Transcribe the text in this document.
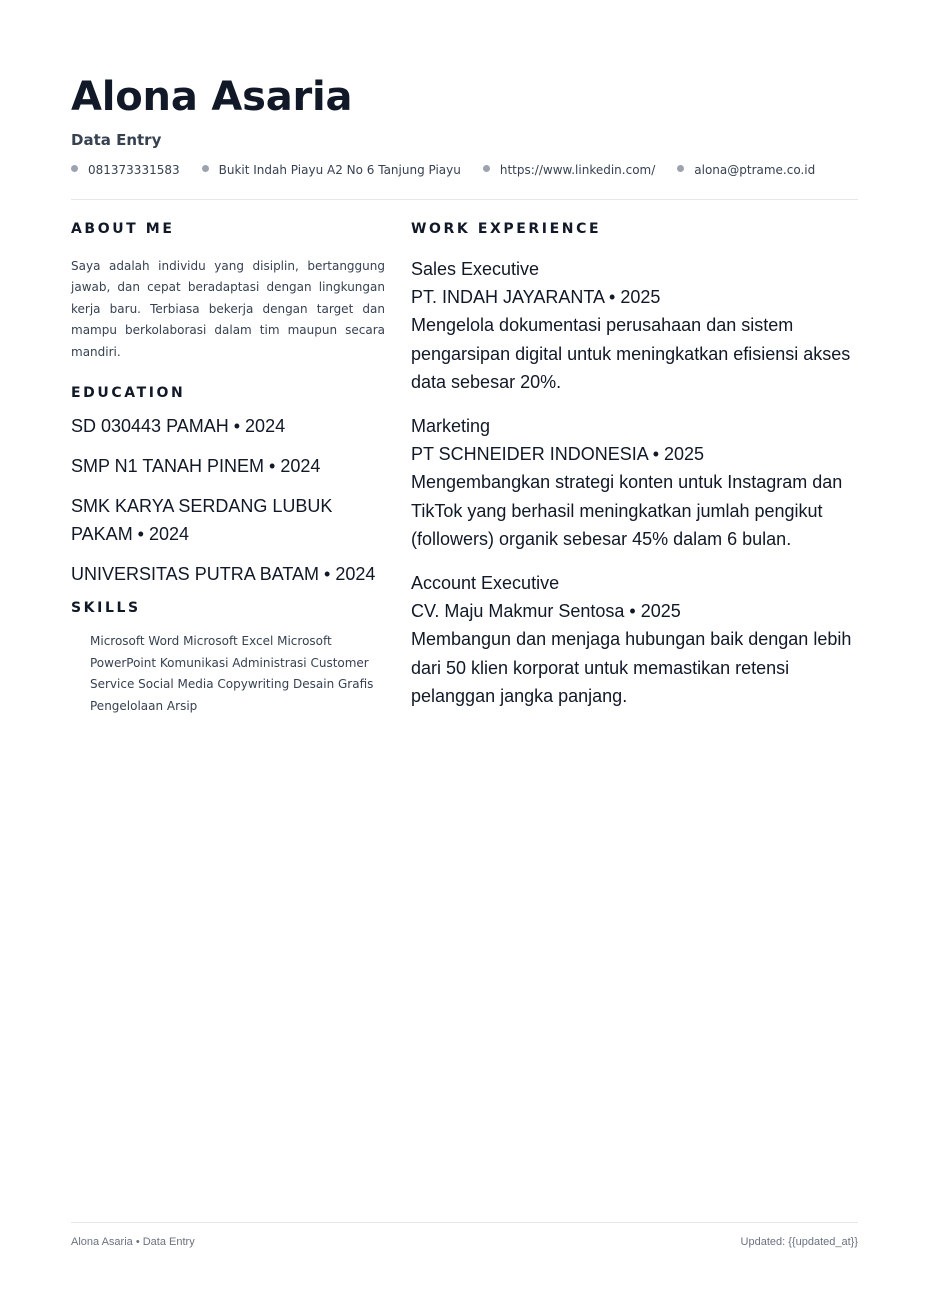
Alona Asaria
Data Entry
081373331583	Bukit Indah Piayu A2 No 6 Tanjung Piayu	https://www.linkedin.com/	alona@ptrame.co.id
ABOUT ME

Saya adalah individu yang disiplin, bertanggung jawab, dan cepat beradaptasi dengan lingkungan kerja baru. Terbiasa bekerja dengan target dan mampu berkolaborasi dalam tim maupun secara mandiri.

EDUCATION
SD 030443 PAMAH • 2024
SMP N1 TANAH PINEM • 2024
SMK KARYA SERDANG LUBUK PAKAM • 2024
UNIVERSITAS PUTRA BATAM • 2024
SKILLS

Microsoft Word Microsoft Excel Microsoft PowerPoint Komunikasi Administrasi Customer Service Social Media Copywriting Desain Grafis Pengelolaan Arsip

WORK EXPERIENCE
Sales Executive
PT. INDAH JAYARANTA • 2025
Mengelola dokumentasi perusahaan dan sistem pengarsipan digital untuk meningkatkan efisiensi akses data sebesar 20%.
Marketing
PT SCHNEIDER INDONESIA • 2025
Mengembangkan strategi konten untuk Instagram dan TikTok yang berhasil meningkatkan jumlah pengikut (followers) organik sebesar 45% dalam 6 bulan.
Account Executive
CV. Maju Makmur Sentosa • 2025
Membangun dan menjaga hubungan baik dengan lebih dari 50 klien korporat untuk memastikan retensi pelanggan jangka panjang.
Alona Asaria • Data Entry	Updated: {{updated_at}}
